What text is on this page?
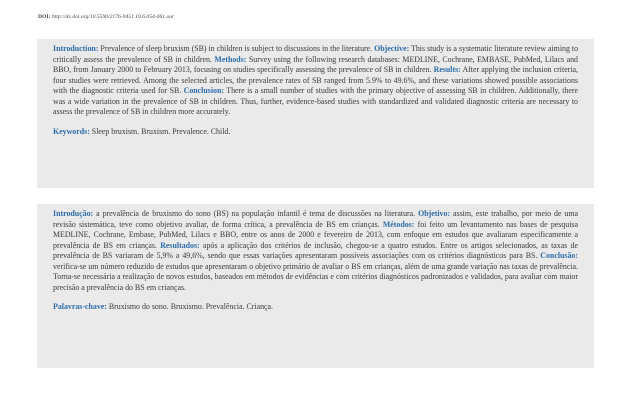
DOI: http://dx.doi.org/10.5590/2176-9451.19.6.054-061.oar

Introduction: Prevalence of sleep bruxism (SB) in children is subject to discussions in the literature. Objective: This study is a systematic literature review aiming to critically assess the prevalence of SB in children. Methods: Survey using the following research databases: MEDLINE, Cochrane, EMBASE, PubMed, Lilacs and BBO, from January 2000 to February 2013, focusing on studies specifically assessing the prevalence of SB in children. Results: After applying the inclusion criteria, four studies were retrieved. Among the selected articles, the prevalence rates of SB ranged from 5.9% to 49.6%, and these variations showed possible associations with the diagnostic criteria used for SB. Conclusion: There is a small number of studies with the primary objective of assessing SB in children. Additionally, there was a wide variation in the prevalence of SB in children. Thus, further, evidence-based studies with standardized and validated diagnostic criteria are necessary to assess the prevalence of SB in children more accurately.

Keywords: Sleep bruxism. Bruxism. Prevalence. Child.

Introdução: a prevalência de bruxismo do sono (BS) na população infantil é tema de discussões na literatura. Objetivo: assim, este trabalho, por meio de uma revisão sistemática, teve como objetivo avaliar, de forma crítica, a prevalência de BS em crianças. Métodos: foi feito um levantamento nas bases de pesquisa MEDLINE, Cochrane, Embase, PubMed, Lilacs e BBO, entre os anos de 2000 e fevereiro de 2013, com enfoque em estudos que avaliaram especificamente a prevalência de BS em crianças. Resultados: após a aplicação dos critérios de inclusão, chegou-se a quatro estudos. Entre os artigos selecionados, as taxas de prevalência de BS variaram de 5,9% a 49,6%, sendo que essas variações apresentaram possíveis associações com os critérios diagnósticos para BS. Conclusão: verifica-se um número reduzido de estudos que apresentaram o objetivo primário de avaliar o BS em crianças, além de uma grande variação nas taxas de prevalência. Torna-se necessária a realização de novos estudos, baseados em métodos de evidências e com critérios diagnósticos padronizados e validados, para avaliar com maior precisão a prevalência do BS em crianças.

Palavras-chave: Bruxismo do sono. Bruxismo. Prevalência. Criança.
